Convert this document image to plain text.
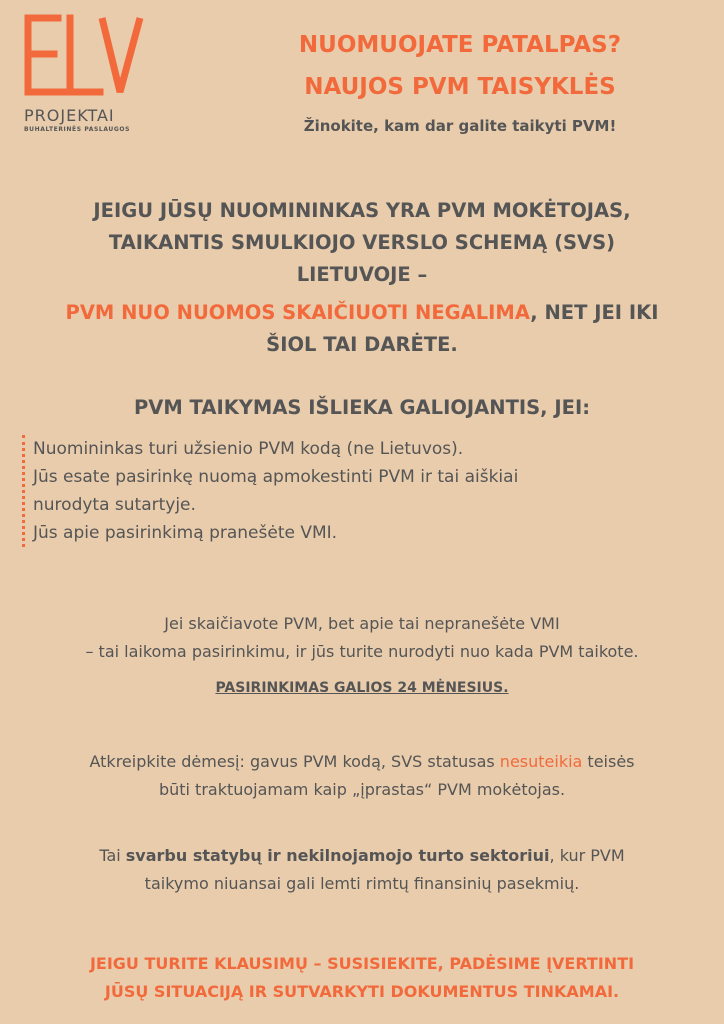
PROJEKTAI
BUHALTERINĖS PASLAUGOS
NUOMUOJATE PATALPAS?
NAUJOS PVM TAISYKLĖS
Žinokite, kam dar galite taikyti PVM!
JEIGU JŪSŲ NUOMININKAS YRA PVM MOKĖTOJAS,
TAIKANTIS SMULKIOJO VERSLO SCHEMĄ (SVS)
LIETUVOJE –
PVM NUO NUOMOS SKAIČIUOTI NEGALIMA, NET JEI IKI
ŠIOL TAI DARĖTE.
PVM TAIKYMAS IŠLIEKA GALIOJANTIS, JEI:
Nuomininkas turi užsienio PVM kodą (ne Lietuvos).
Jūs esate pasirinkę nuomą apmokestinti PVM ir tai aiškiai
nurodyta sutartyje.
Jūs apie pasirinkimą pranešėte VMI.
Jei skaičiavote PVM, bet apie tai nepranešėte VMI
– tai laikoma pasirinkimu, ir jūs turite nurodyti nuo kada PVM taikote.
PASIRINKIMAS GALIOS 24 MĖNESIUS.
Atkreipkite dėmesį: gavus PVM kodą, SVS statusas nesuteikia teisės
būti traktuojamam kaip „įprastas“ PVM mokėtojas.
Tai svarbu statybų ir nekilnojamojo turto sektoriui, kur PVM
taikymo niuansai gali lemti rimtų finansinių pasekmių.
JEIGU TURITE KLAUSIMŲ – SUSISIEKITE, PADĖSIME ĮVERTINTI
JŪSŲ SITUACIJĄ IR SUTVARKYTI DOKUMENTUS TINKAMAI.
